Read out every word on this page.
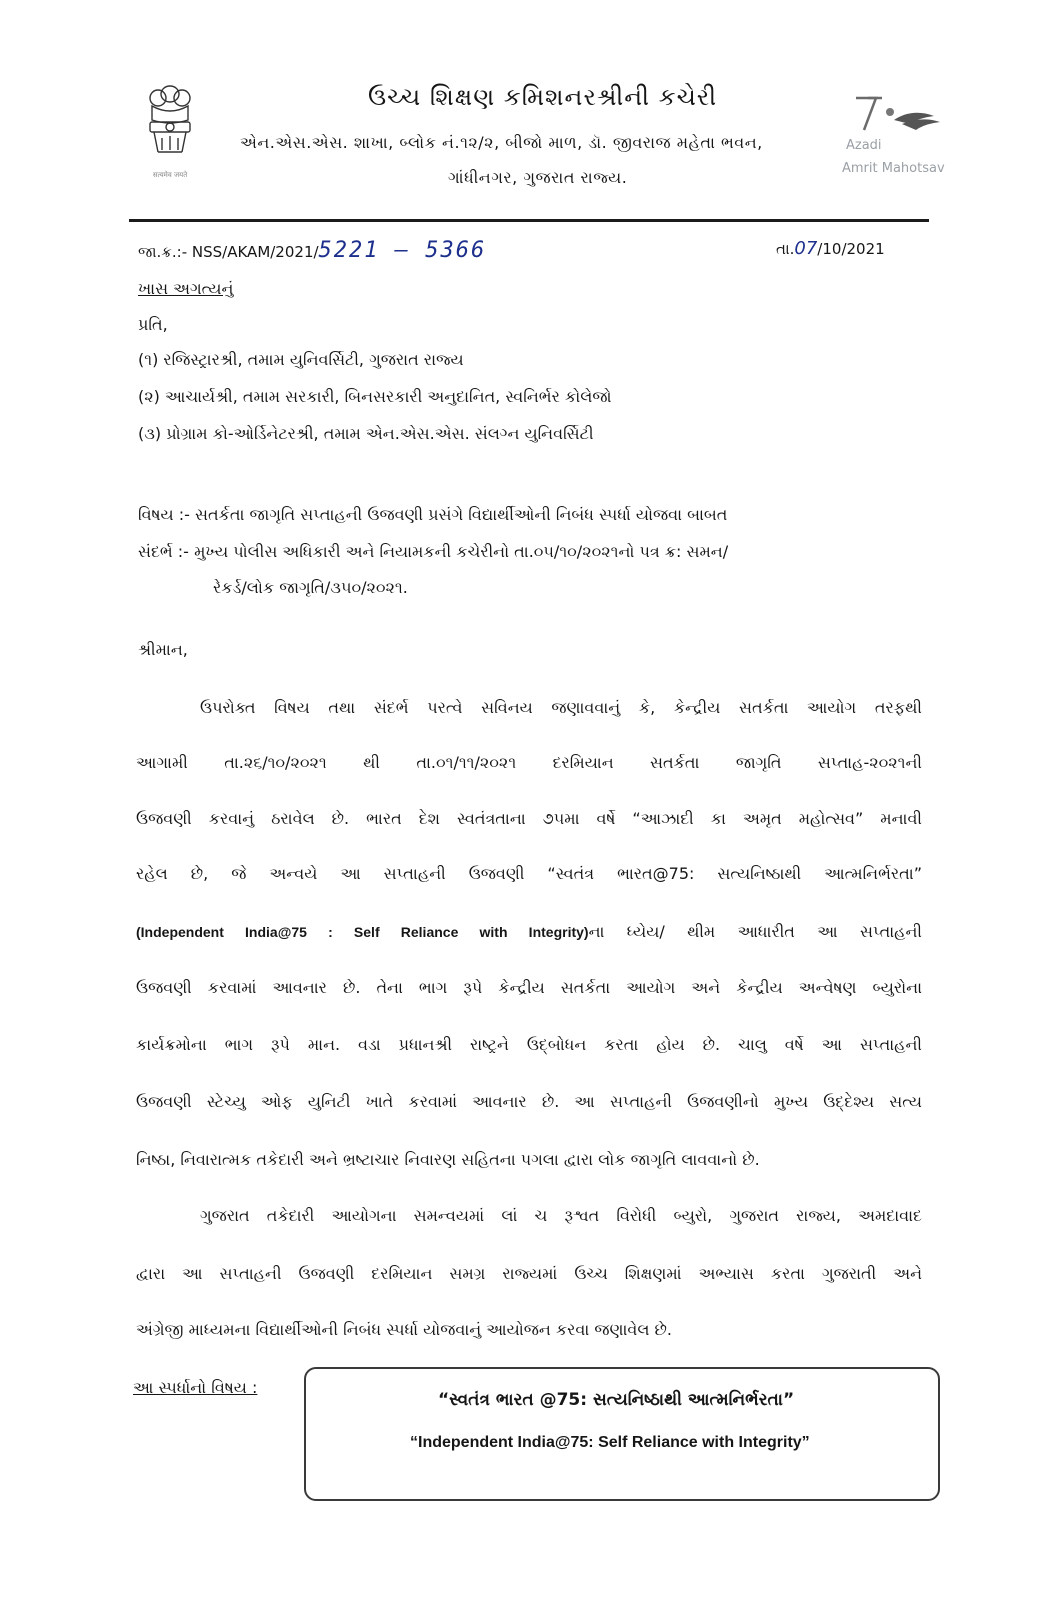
सत्यमेव जयते
ઉચ્ચ શિક્ષણ કમિશનરશ્રીની કચેરી
એન.એસ.એસ. શાખા, બ્લોક નં.૧૨/૨, બીજો માળ, ડૉ. જીવરાજ મહેતા ભવન,
ગાંધીનગર, ગુજરાત રાજ્ય.
Azadi
Amrit Mahotsav
જા.ક્ર.:- NSS/AKAM/2021/5221 – 5366	તા.07/10/2021
ખાસ અગત્યનું
પ્રતિ,
(૧) રજિસ્ટ્રારશ્રી, તમામ યુનિવર્સિટી, ગુજરાત રાજ્ય
(૨) આચાર્યશ્રી, તમામ સરકારી, બિનસરકારી અનુદાનિત, સ્વનિર્ભર કોલેજો
(૩) પ્રોગ્રામ કો-ઓર્ડિનેટરશ્રી, તમામ એન.એસ.એસ. સંલગ્ન યુનિવર્સિટી
વિષય :- સતર્કતા જાગૃતિ સપ્તાહની ઉજવણી પ્રસંગે વિદ્યાર્થીઓની નિબંધ સ્પર્ધા યોજવા બાબત
સંદર્ભ :- મુખ્ય પોલીસ અધિકારી અને નિયામકની કચેરીનો તા.૦૫/૧૦/૨૦૨૧નો પત્ર ક્ર: સમન/
રેકર્ડ/લોક જાગૃતિ/૩૫૦/૨૦૨૧.
શ્રીમાન,
ઉપરોક્ત વિષય તથા સંદર્ભ પરત્વે સવિનય જણાવવાનું કે, કેન્દ્રીય સતર્કતા આયોગ તરફથી
આગામી તા.૨૬/૧૦/૨૦૨૧ થી તા.૦૧/૧૧/૨૦૨૧ દરમિયાન સતર્કતા જાગૃતિ સપ્તાહ-૨૦૨૧ની
ઉજવણી કરવાનું ઠરાવેલ છે. ભારત દેશ સ્વતંત્રતાના ૭૫મા વર્ષે “આઝાદી કા અમૃત મહોત્સવ” મનાવી
રહેલ છે, જે અન્વયે આ સપ્તાહની ઉજવણી “સ્વતંત્ર ભારત@75: સત્યનિષ્ઠાથી આત્મનિર્ભરતા”
(Independent India@75 : Self Reliance with Integrity)ના ધ્યેય/ થીમ આધારીત આ સપ્તાહની
ઉજવણી કરવામાં આવનાર છે. તેના ભાગ રૂપે કેન્દ્રીય સતર્કતા આયોગ અને કેન્દ્રીય અન્વેષણ બ્યુરોના
કાર્યક્રમોના ભાગ રૂપે માન. વડા પ્રધાનશ્રી રાષ્ટ્રને ઉદ્‌બોધન કરતા હોય છે. ચાલુ વર્ષે આ સપ્તાહની
ઉજવણી સ્ટેચ્યુ ઓફ યુનિટી ખાતે કરવામાં આવનાર છે. આ સપ્તાહની ઉજવણીનો મુખ્ય ઉદ્દેશ્ય સત્ય
નિષ્ઠા, નિવારાત્મક તકેદારી અને ભ્રષ્ટાચાર નિવારણ સહિતના પગલા દ્વારા લોક જાગૃતિ લાવવાનો છે.
ગુજરાત તકેદારી આયોગના સમન્વયમાં લાં ચ રૂશ્વત વિરોધી બ્યુરો, ગુજરાત રાજ્ય, અમદાવાદ
દ્વારા આ સપ્તાહની ઉજવણી દરમિયાન સમગ્ર રાજ્યમાં ઉચ્ચ શિક્ષણમાં અભ્યાસ કરતા ગુજરાતી અને
અંગ્રેજી માધ્યમના વિદ્યાર્થીઓની નિબંધ સ્પર્ધા યોજવાનું આયોજન કરવા જણાવેલ છે.
આ સ્પર્ધાનો વિષય :
“સ્વતંત્ર ભારત @75: સત્યનિષ્ઠાથી આત્મનિર્ભરતા”
“Independent India@75: Self Reliance with Integrity”
